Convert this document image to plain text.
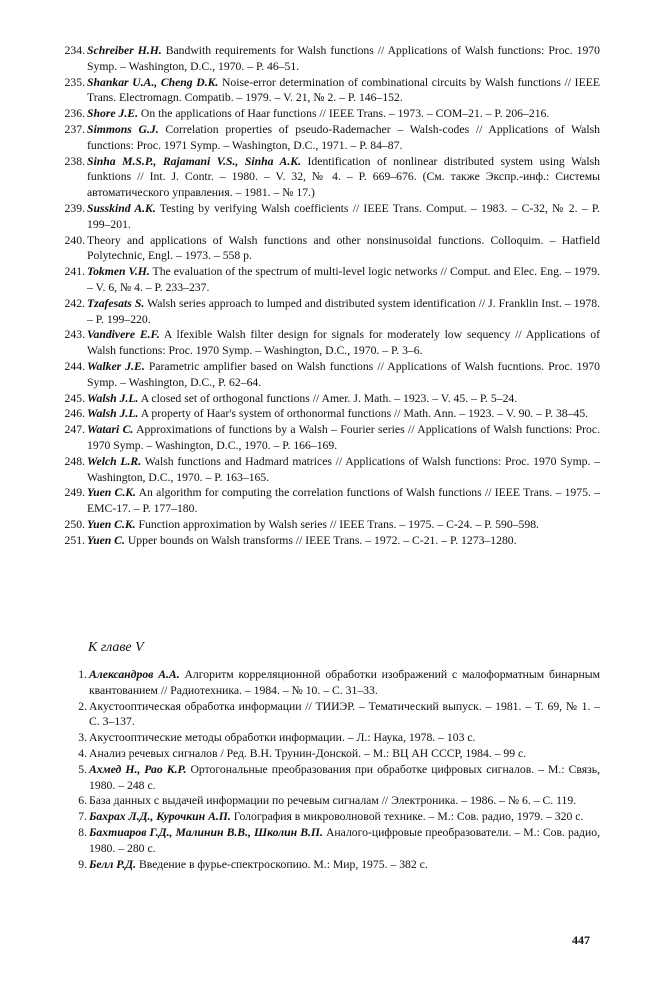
234. Schreiber H.H. Bandwith requirements for Walsh functions // Applications of Walsh functions: Proc. 1970 Symp. – Washington, D.C., 1970. – P. 46–51.
235. Shankar U.A., Cheng D.K. Noise-error determination of combinational circuits by Walsh functions // IEEE Trans. Electromagn. Compatib. – 1979. – V. 21, № 2. – P. 146–152.
236. Shore J.E. On the applications of Haar functions // IEEE Trans. – 1973. – COM–21. – P. 206–216.
237. Simmons G.J. Correlation properties of pseudo-Rademacher – Walsh-codes // Applications of Walsh functions: Proc. 1971 Symp. – Washington, D.C., 1971. – P. 84–87.
238. Sinha M.S.P., Rajamani V.S., Sinha A.K. Identification of nonlinear distributed system using Walsh funktions // Int. J. Contr. – 1980. – V. 32, № 4. – P. 669–676. (См. также Экспр.-инф.: Системы автоматического управления. – 1981. – № 17.)
239. Susskind A.K. Testing by verifying Walsh coefficients // IEEE Trans. Comput. – 1983. – C-32, № 2. – P. 199–201.
240. Theory and applications of Walsh functions and other nonsinusoidal functions. Colloquim. – Hatfield Polytechnic, Engl. – 1973. – 558 p.
241. Tokmen V.H. The evaluation of the spectrum of multi-level logic networks // Comput. and Elec. Eng. – 1979. – V. 6, № 4. – P. 233–237.
242. Tzafesats S. Walsh series approach to lumped and distributed system identification // J. Franklin Inst. – 1978. – P. 199–220.
243. Vandivere E.F. A lfexible Walsh filter design for signals for moderately low sequency // Applications of Walsh functions: Proc. 1970 Symp. – Washington, D.C., 1970. – P. 3–6.
244. Walker J.E. Parametric amplifier based on Walsh functions // Applications of Walsh fucntions. Proc. 1970 Symp. – Washington, D.C., P. 62–64.
245. Walsh J.L. A closed set of orthogonal functions // Amer. J. Math. – 1923. – V. 45. – P. 5–24.
246. Walsh J.L. A property of Haar's system of orthonormal functions // Math. Ann. – 1923. – V. 90. – P. 38–45.
247. Watari C. Approximations of functions by a Walsh – Fourier series // Applications of Walsh functions: Proc. 1970 Symp. – Washington, D.C., 1970. – P. 166–169.
248. Welch L.R. Walsh functions and Hadmard matrices // Applications of Walsh functions: Proc. 1970 Symp. – Washington, D.C., 1970. – P. 163–165.
249. Yuen C.K. An algorithm for computing the correlation functions of Walsh functions // IEEE Trans. – 1975. – EMC-17. – P. 177–180.
250. Yuen C.K. Function approximation by Walsh series // IEEE Trans. – 1975. – C-24. – P. 590–598.
251. Yuen C. Upper bounds on Walsh transforms // IEEE Trans. – 1972. – C-21. – P. 1273–1280.
К главе V
1. Александров А.А. Алгоритм корреляционной обработки изображений с малоформатным бинарным квантованием // Радиотехника. – 1984. – № 10. – С. 31–33.
2. Акустооптическая обработка информации // ТИИЭР. – Тематический выпуск. – 1981. – Т. 69, № 1. – С. 3–137.
3. Акустооптические методы обработки информации. – Л.: Наука, 1978. – 103 с.
4. Анализ речевых сигналов / Ред. В.Н. Трунин-Донской. – М.: ВЦ АН СССР, 1984. – 99 с.
5. Ахмед Н., Рао К.Р. Ортогональные преобразования при обработке цифровых сигналов. – М.: Связь, 1980. – 248 с.
6. База данных с выдачей информации по речевым сигналам // Электроника. – 1986. – № 6. – С. 119.
7. Бахрах Л.Д., Курочкин А.П. Голография в микроволновой технике. – М.: Сов. радио, 1979. – 320 с.
8. Бахтиаров Г.Д., Малинин В.В., Школин В.П. Аналого-цифровые преобразователи. – М.: Сов. радио, 1980. – 280 с.
9. Белл Р.Д. Введение в фурье-спектроскопию. М.: Мир, 1975. – 382 с.
447
